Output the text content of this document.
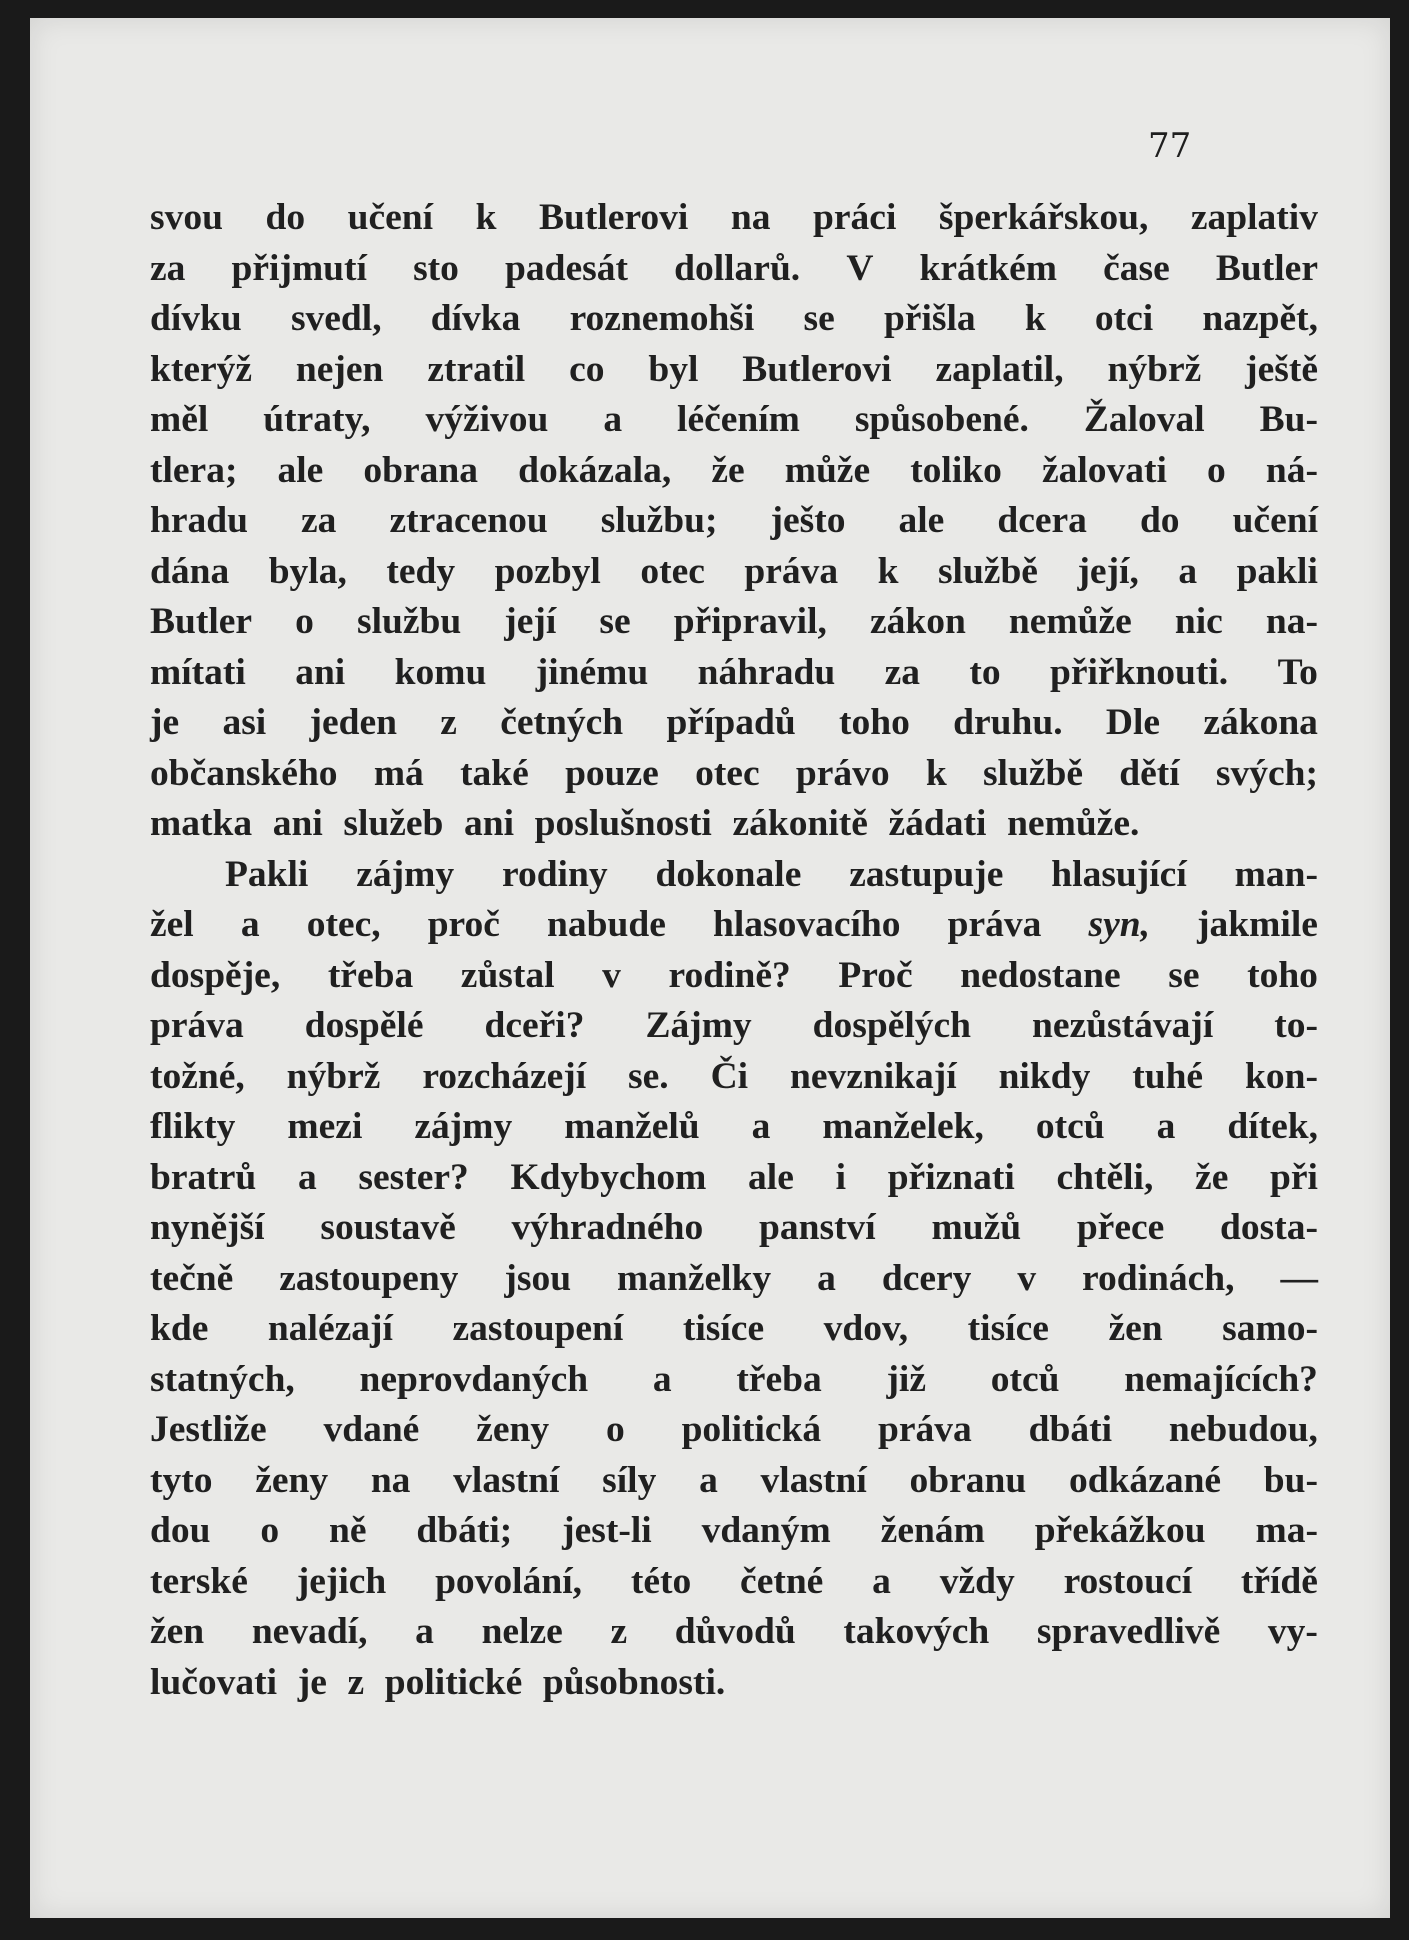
77
svou do učení k Butlerovi na práci šperkářskou, zaplativ
za přijmutí sto padesát dollarů. V krátkém čase Butler
dívku svedl, dívka roznemohši se přišla k otci nazpět,
kterýž nejen ztratil co byl Butlerovi zaplatil, nýbrž ještě
měl útraty, výživou a léčením spůsobené. Žaloval Bu-
tlera; ale obrana dokázala, že může toliko žalovati o ná-
hradu za ztracenou službu; ješto ale dcera do učení
dána byla, tedy pozbyl otec práva k službě její, a pakli
Butler o službu její se připravil, zákon nemůže nic na-
mítati ani komu jinému náhradu za to přiřknouti. To
je asi jeden z četných případů toho druhu. Dle zákona
občanského má také pouze otec právo k službě dětí svých;
matka ani služeb ani poslušnosti zákonitě žádati nemůže.
Pakli zájmy rodiny dokonale zastupuje hlasující man-
žel a otec, proč nabude hlasovacího práva syn, jakmile
dospěje, třeba zůstal v rodině? Proč nedostane se toho
práva dospělé dceři? Zájmy dospělých nezůstávají to-
tožné, nýbrž rozcházejí se. Či nevznikají nikdy tuhé kon-
flikty mezi zájmy manželů a manželek, otců a dítek,
bratrů a sester? Kdybychom ale i přiznati chtěli, že při
nynější soustavě výhradného panství mužů přece dosta-
tečně zastoupeny jsou manželky a dcery v rodinách, —
kde nalézají zastoupení tisíce vdov, tisíce žen samo-
statných, neprovdaných a třeba již otců nemajících?
Jestliže vdané ženy o politická práva dbáti nebudou,
tyto ženy na vlastní síly a vlastní obranu odkázané bu-
dou o ně dbáti; jest-li vdaným ženám překážkou ma-
terské jejich povolání, této četné a vždy rostoucí třídě
žen nevadí, a nelze z důvodů takových spravedlivě vy-
lučovati je z politické působnosti.
